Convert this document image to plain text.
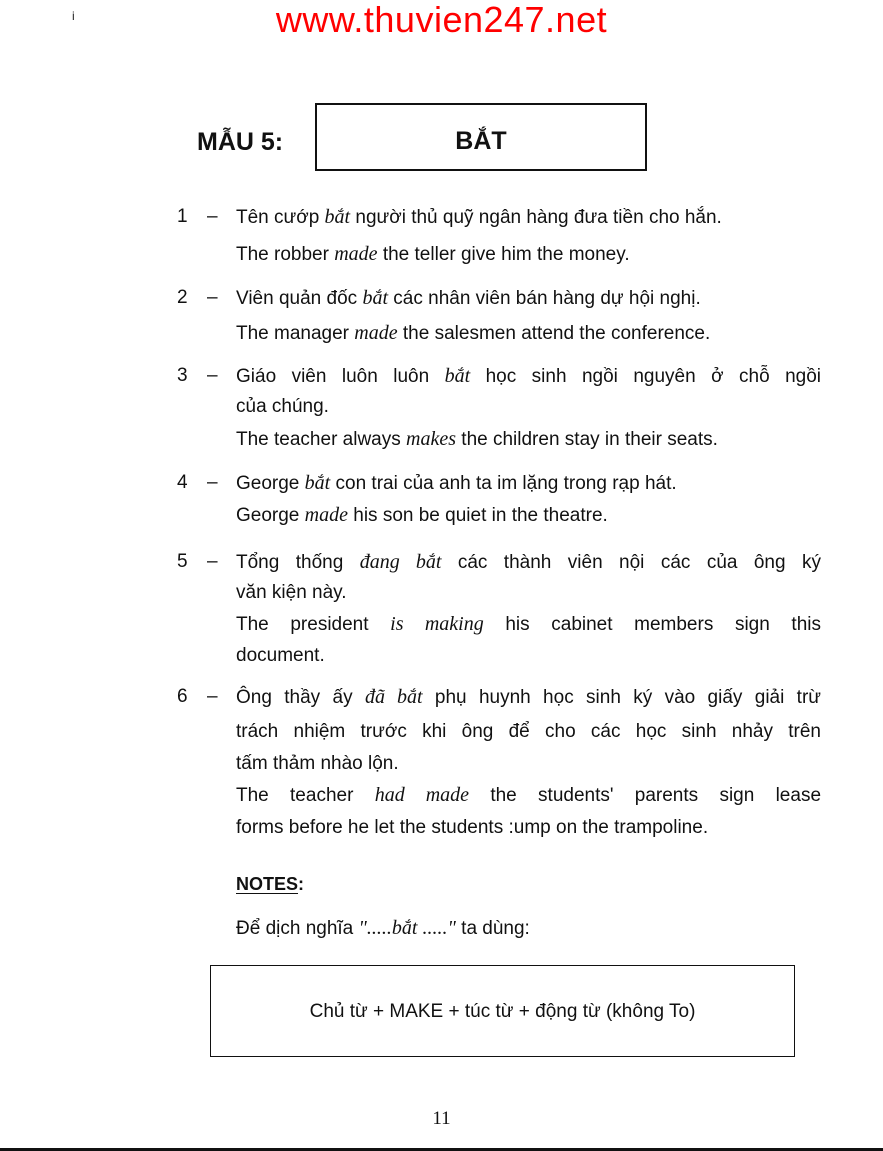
www.thuvien247.net
i
MẪU 5:	BẮT
1 – Tên cướp bắt người thủ quỹ ngân hàng đưa tiền cho hắn.
The robber made the teller give him the money.
2 – Viên quản đốc bắt các nhân viên bán hàng dự hội nghị.
The manager made the salesmen attend the conference.
3 – Giáo viên luôn luôn bắt học sinh ngồi nguyên ở chỗ ngồi
của chúng.
The teacher always makes the children stay in their seats.
4 – George bắt con trai của anh ta im lặng trong rạp hát.
George made his son be quiet in the theatre.
5 – Tổng thống đang bắt các thành viên nội các của ông ký
văn kiện này.
The president is making his cabinet members sign this
document.
6 – Ông thầy ấy đã bắt phụ huynh học sinh ký vào giấy giải trừ
trách nhiệm trước khi ông để cho các học sinh nhảy trên
tấm thảm nhào lộn.
The teacher had made the students' parents sign lease
forms before he let the students :ump on the trampoline.
NOTES:
Để dịch nghĩa ".....bắt ....." ta dùng:
Chủ từ + MAKE + túc từ + động từ (không To)
11
